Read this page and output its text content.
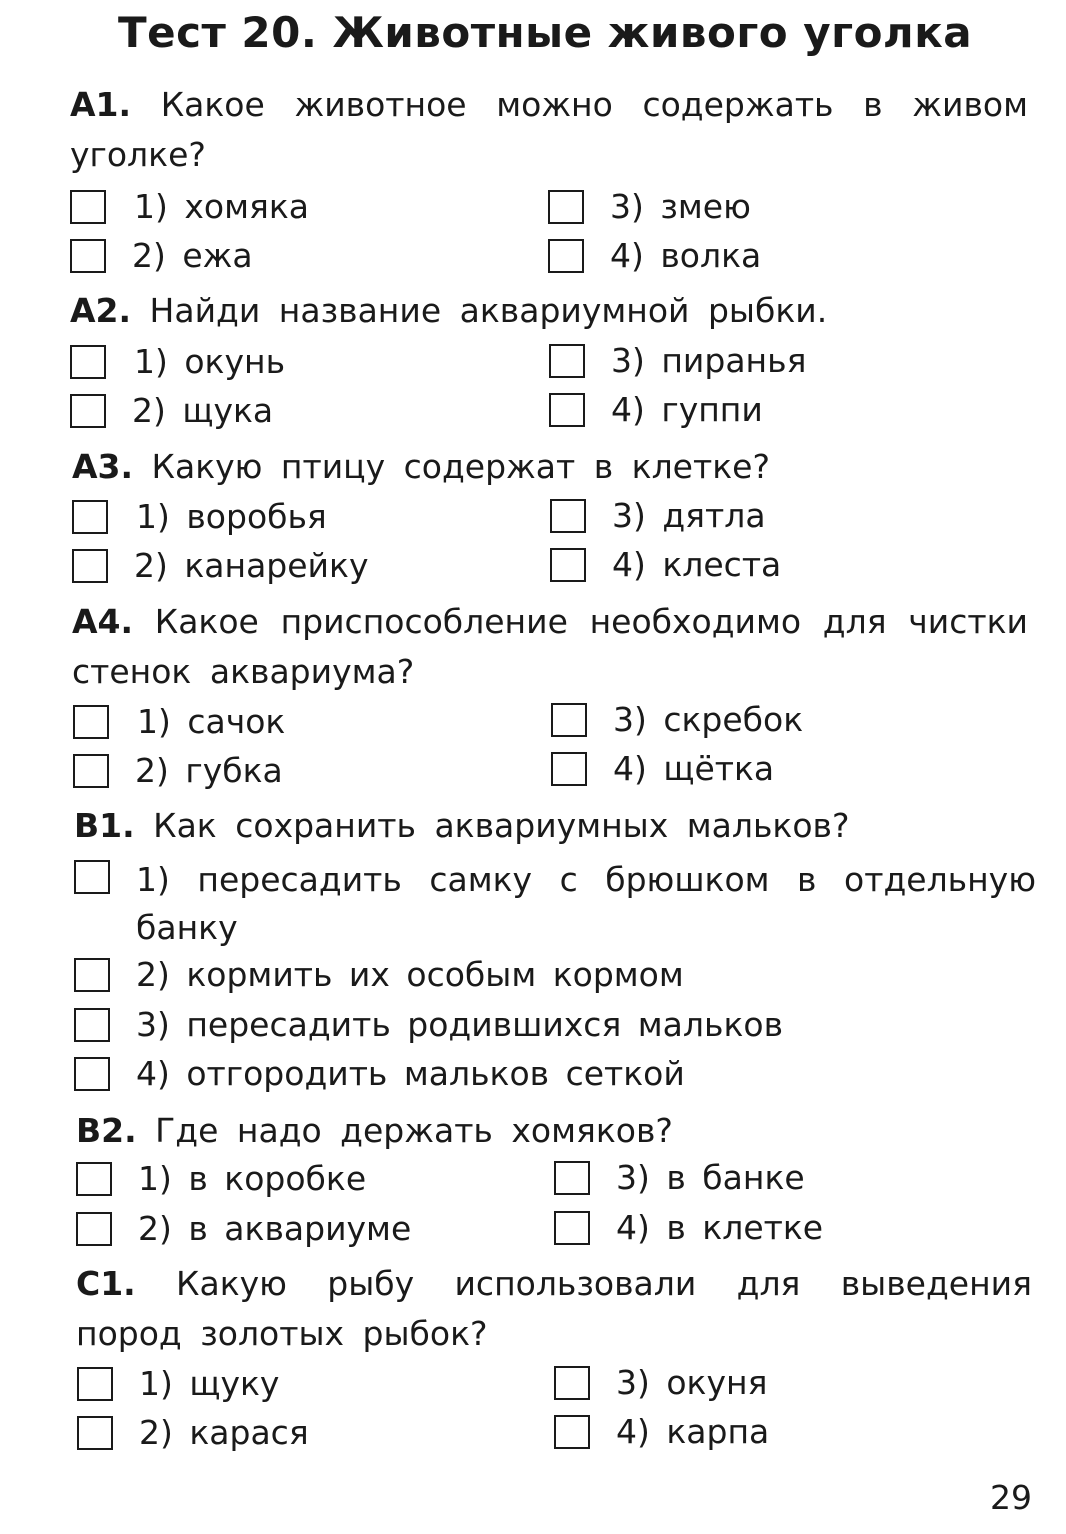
Тест 20. Животные живого уголка
A1. Какое животное можно содержать в живом уголке?
1) хомяка
2) ежа
3) змею
4) волка
A2. Найди название аквариумной рыбки.
1) окунь
2) щука
3) пиранья
4) гуппи
A3. Какую птицу содержат в клетке?
1) воробья
2) канарейку
3) дятла
4) клеста
A4. Какое приспособление необходимо для чистки стенок аквариума?
1) сачок
2) губка
3) скребок
4) щётка
B1. Как сохранить аквариумных мальков?
1) пересадить самку с брюшком в отдельную банку
2) кормить их особым кормом
3) пересадить родившихся мальков
4) отгородить мальков сеткой
B2. Где надо держать хомяков?
1) в коробке
2) в аквариуме
3) в банке
4) в клетке
C1. Какую рыбу использовали для выведения пород золотых рыбок?
1) щуку
2) карася
3) окуня
4) карпа
29
